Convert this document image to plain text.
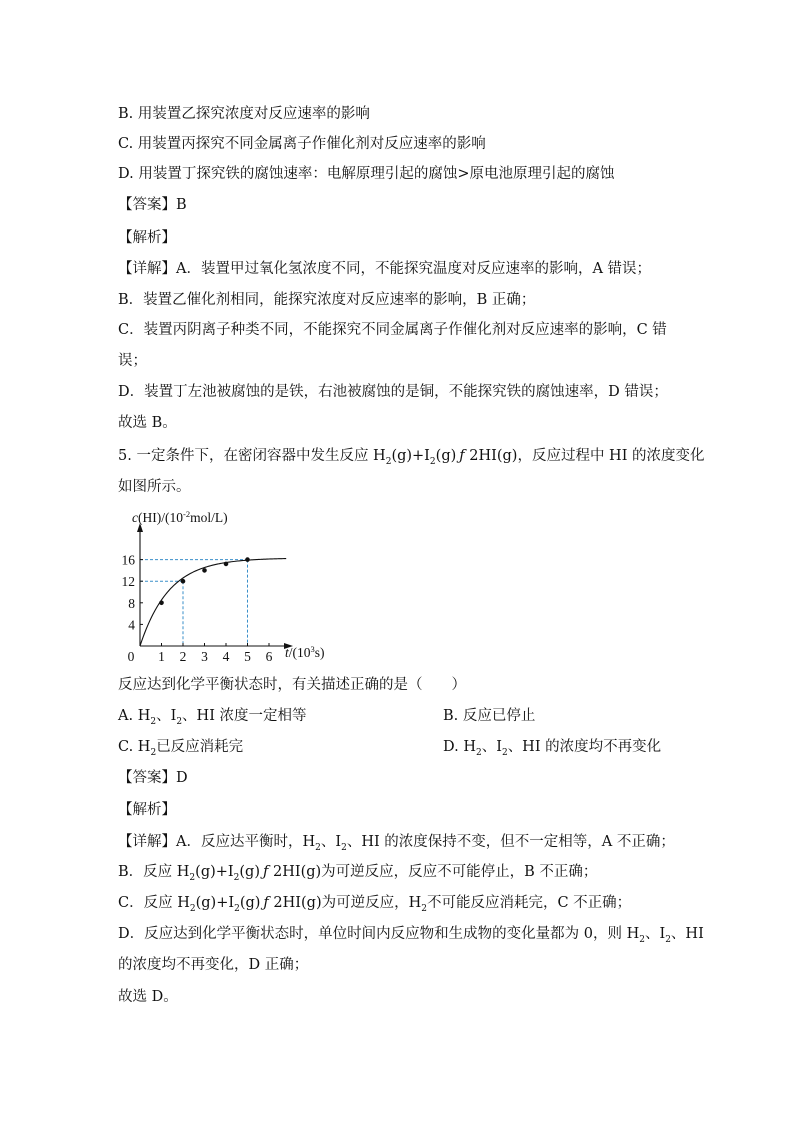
B. 用装置乙探究浓度对反应速率的影响
C. 用装置丙探究不同金属离子作催化剂对反应速率的影响
D. 用装置丁探究铁的腐蚀速率：电解原理引起的腐蚀>原电池原理引起的腐蚀
【答案】B
【解析】
【详解】A．装置甲过氧化氢浓度不同，不能探究温度对反应速率的影响，A 错误；
B．装置乙催化剂相同，能探究浓度对反应速率的影响，B 正确；
C．装置丙阴离子种类不同，不能探究不同金属离子作催化剂对反应速率的影响，C 错
误；
D．装置丁左池被腐蚀的是铁，右池被腐蚀的是铜，不能探究铁的腐蚀速率，D 错误；
故选 B。
5. 一定条件下，在密闭容器中发生反应 $H_2(g)+I_2(g)$ ƒ 2HI(g)，反应过程中 HI 的浓度变化
如图所示。
$c(HI)/(10^{-2}mol/L)$
0 1 2 3 4 5 6
4
8
12
16
$t/(10^3s)$
反应达到化学平衡状态时，有关描述正确的是（　　）
A. $H_2$、$I_2$、HI 浓度一定相等	B. 反应已停止
C. $H_2$已反应消耗完	D. $H_2$、$I_2$、HI 的浓度均不再变化
【答案】D
【解析】
【详解】A．反应达平衡时，$H_2$、$I_2$、HI 的浓度保持不变，但不一定相等，A 不正确；
B．反应 $H_2(g)+I_2(g)$ ƒ 2HI(g)为可逆反应，反应不可能停止，B 不正确；
C．反应 $H_2(g)+I_2(g)$ ƒ 2HI(g)为可逆反应，$H_2$不可能反应消耗完，C 不正确；
D．反应达到化学平衡状态时，单位时间内反应物和生成物的变化量都为 0，则 $H_2$、$I_2$、HI
的浓度均不再变化，D 正确；
故选 D。
